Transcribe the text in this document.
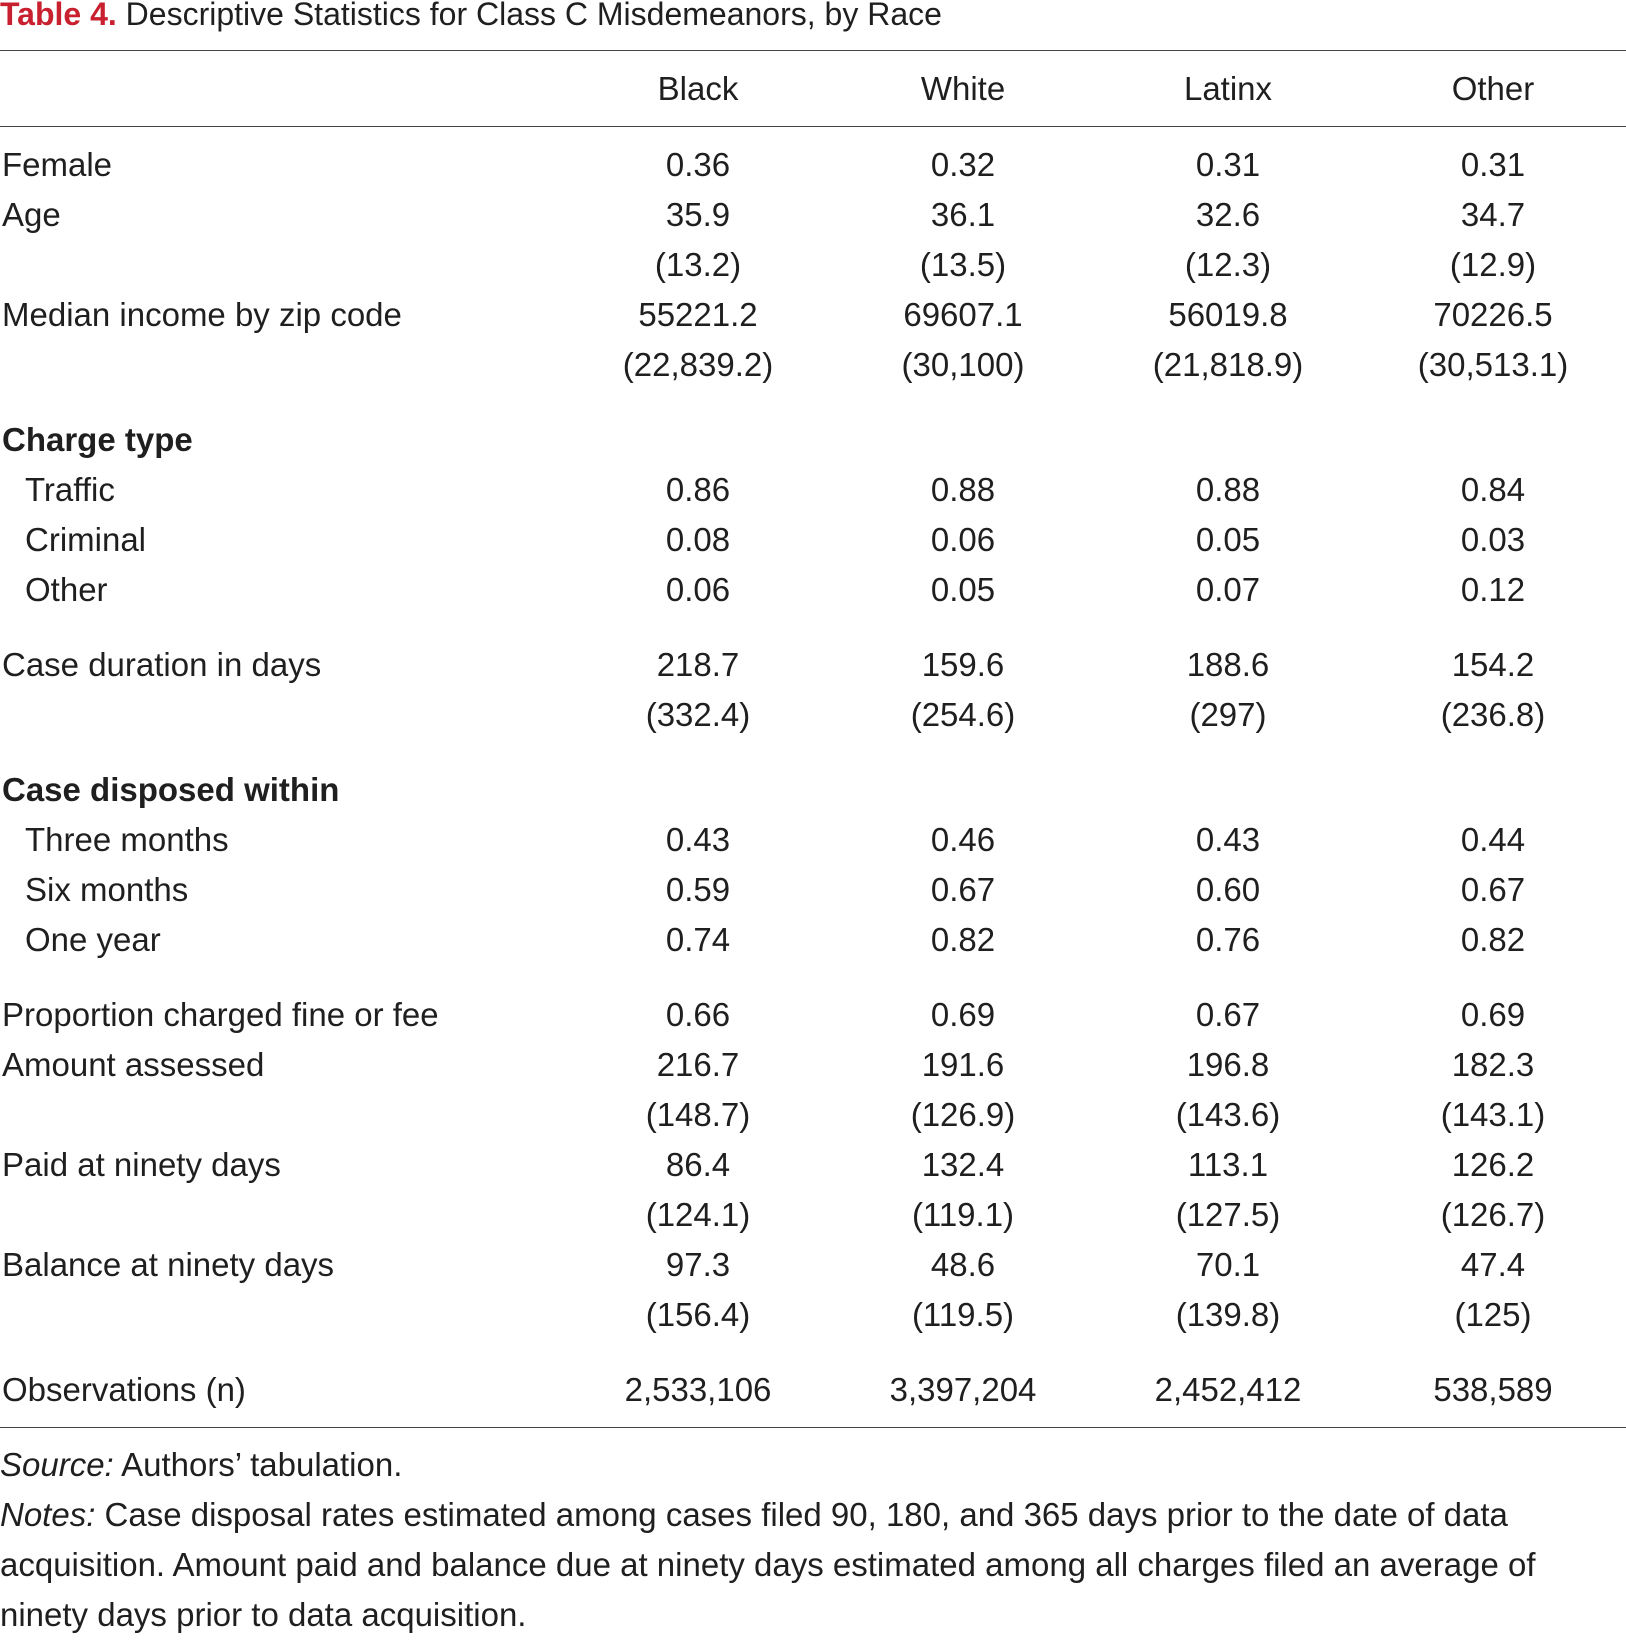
Table 4. Descriptive Statistics for Class C Misdemeanors, by Race
Black	White	Latinx	Other
Female	0.36	0.32	0.31	0.31
Age	35.9	36.1	32.6	34.7
(13.2)	(13.5)	(12.3)	(12.9)
Median income by zip code	55221.2	69607.1	56019.8	70226.5
(22,839.2)	(30,100)	(21,818.9)	(30,513.1)
Charge type
Traffic	0.86	0.88	0.88	0.84
Criminal	0.08	0.06	0.05	0.03
Other	0.06	0.05	0.07	0.12
Case duration in days	218.7	159.6	188.6	154.2
(332.4)	(254.6)	(297)	(236.8)
Case disposed within
Three months	0.43	0.46	0.43	0.44
Six months	0.59	0.67	0.60	0.67
One year	0.74	0.82	0.76	0.82
Proportion charged fine or fee	0.66	0.69	0.67	0.69
Amount assessed	216.7	191.6	196.8	182.3
(148.7)	(126.9)	(143.6)	(143.1)
Paid at ninety days	86.4	132.4	113.1	126.2
(124.1)	(119.1)	(127.5)	(126.7)
Balance at ninety days	97.3	48.6	70.1	47.4
(156.4)	(119.5)	(139.8)	(125)
Observations (n)	2,533,106	3,397,204	2,452,412	538,589

Source: Authors’ tabulation.

Notes: Case disposal rates estimated among cases filed 90, 180, and 365 days prior to the date of data acquisition. Amount paid and balance due at ninety days estimated among all charges filed an average of ninety days prior to data acquisition.
